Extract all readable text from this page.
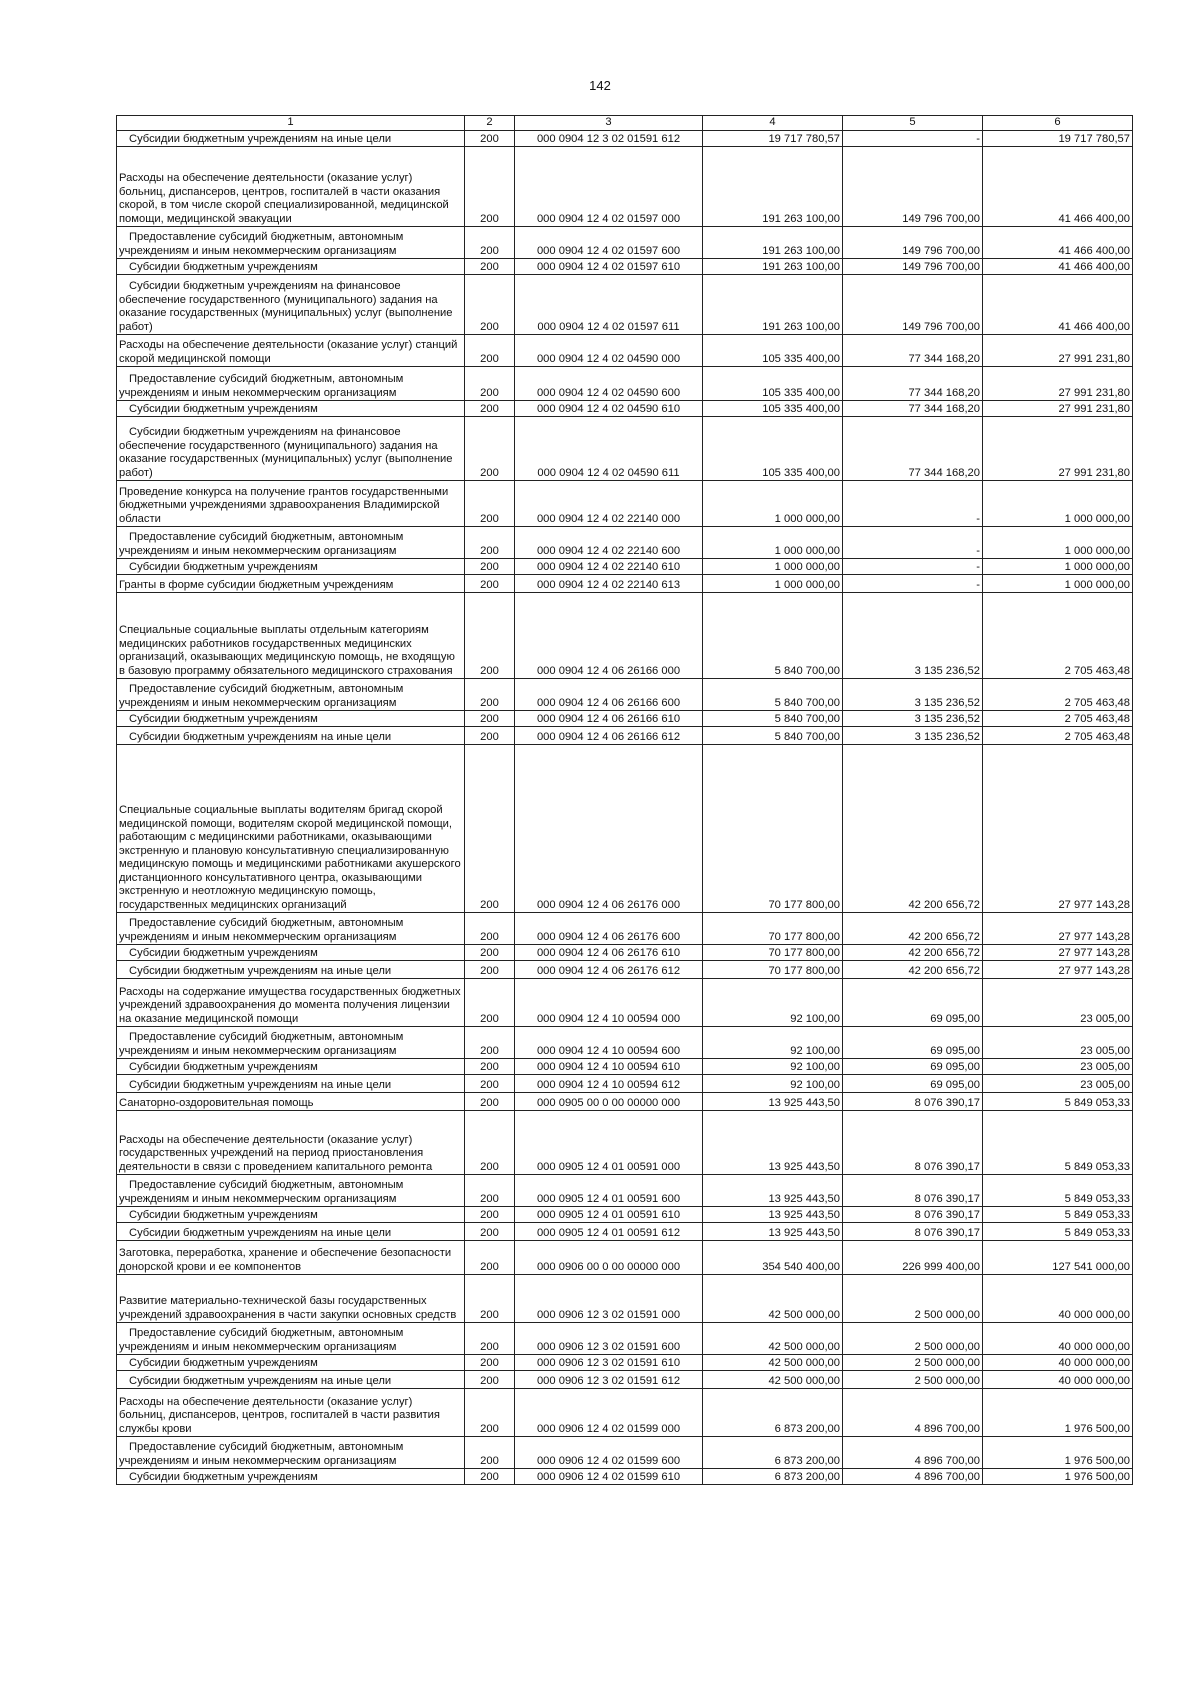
142
1	2	3	4	5	6
Субсидии бюджетным учреждениям на иные цели	200	000 0904 12 3 02 01591 612	19 717 780,57	-	19 717 780,57
Расходы на обеспечение деятельности (оказание услуг) больниц, диспансеров, центров, госпиталей в части оказания скорой, в том числе скорой специализированной, медицинской помощи, медицинской эвакуации	200	000 0904 12 4 02 01597 000	191 263 100,00	149 796 700,00	41 466 400,00
Предоставление субсидий бюджетным, автономным учреждениям и иным некоммерческим организациям	200	000 0904 12 4 02 01597 600	191 263 100,00	149 796 700,00	41 466 400,00
Субсидии бюджетным учреждениям	200	000 0904 12 4 02 01597 610	191 263 100,00	149 796 700,00	41 466 400,00
Субсидии бюджетным учреждениям на финансовое обеспечение государственного (муниципального) задания на оказание государственных (муниципальных) услуг (выполнение работ)	200	000 0904 12 4 02 01597 611	191 263 100,00	149 796 700,00	41 466 400,00
Расходы на обеспечение деятельности (оказание услуг) станций скорой медицинской помощи	200	000 0904 12 4 02 04590 000	105 335 400,00	77 344 168,20	27 991 231,80
Предоставление субсидий бюджетным, автономным учреждениям и иным некоммерческим организациям	200	000 0904 12 4 02 04590 600	105 335 400,00	77 344 168,20	27 991 231,80
Субсидии бюджетным учреждениям	200	000 0904 12 4 02 04590 610	105 335 400,00	77 344 168,20	27 991 231,80
Субсидии бюджетным учреждениям на финансовое обеспечение государственного (муниципального) задания на оказание государственных (муниципальных) услуг (выполнение работ)	200	000 0904 12 4 02 04590 611	105 335 400,00	77 344 168,20	27 991 231,80
Проведение конкурса на получение грантов государственными бюджетными учреждениями здравоохранения Владимирской области	200	000 0904 12 4 02 22140 000	1 000 000,00	-	1 000 000,00
Предоставление субсидий бюджетным, автономным учреждениям и иным некоммерческим организациям	200	000 0904 12 4 02 22140 600	1 000 000,00	-	1 000 000,00
Субсидии бюджетным учреждениям	200	000 0904 12 4 02 22140 610	1 000 000,00	-	1 000 000,00
Гранты в форме субсидии бюджетным учреждениям	200	000 0904 12 4 02 22140 613	1 000 000,00	-	1 000 000,00
Специальные социальные выплаты отдельным категориям медицинских работников государственных медицинских организаций, оказывающих медицинскую помощь, не входящую в базовую программу обязательного медицинского страхования	200	000 0904 12 4 06 26166 000	5 840 700,00	3 135 236,52	2 705 463,48
Предоставление субсидий бюджетным, автономным учреждениям и иным некоммерческим организациям	200	000 0904 12 4 06 26166 600	5 840 700,00	3 135 236,52	2 705 463,48
Субсидии бюджетным учреждениям	200	000 0904 12 4 06 26166 610	5 840 700,00	3 135 236,52	2 705 463,48
Субсидии бюджетным учреждениям на иные цели	200	000 0904 12 4 06 26166 612	5 840 700,00	3 135 236,52	2 705 463,48
Специальные социальные выплаты водителям бригад скорой медицинской помощи, водителям скорой медицинской помощи, работающим с медицинскими работниками, оказывающими экстренную и плановую консультативную специализированную медицинскую помощь и медицинскими работниками акушерского дистанционного консультативного центра, оказывающими экстренную и неотложную медицинскую помощь, государственных медицинских организаций	200	000 0904 12 4 06 26176 000	70 177 800,00	42 200 656,72	27 977 143,28
Предоставление субсидий бюджетным, автономным учреждениям и иным некоммерческим организациям	200	000 0904 12 4 06 26176 600	70 177 800,00	42 200 656,72	27 977 143,28
Субсидии бюджетным учреждениям	200	000 0904 12 4 06 26176 610	70 177 800,00	42 200 656,72	27 977 143,28
Субсидии бюджетным учреждениям на иные цели	200	000 0904 12 4 06 26176 612	70 177 800,00	42 200 656,72	27 977 143,28
Расходы на содержание имущества государственных бюджетных учреждений здравоохранения до момента получения лицензии на оказание медицинской помощи	200	000 0904 12 4 10 00594 000	92 100,00	69 095,00	23 005,00
Предоставление субсидий бюджетным, автономным учреждениям и иным некоммерческим организациям	200	000 0904 12 4 10 00594 600	92 100,00	69 095,00	23 005,00
Субсидии бюджетным учреждениям	200	000 0904 12 4 10 00594 610	92 100,00	69 095,00	23 005,00
Субсидии бюджетным учреждениям на иные цели	200	000 0904 12 4 10 00594 612	92 100,00	69 095,00	23 005,00
Санаторно-оздоровительная помощь	200	000 0905 00 0 00 00000 000	13 925 443,50	8 076 390,17	5 849 053,33
Расходы на обеспечение деятельности (оказание услуг) государственных учреждений на период приостановления деятельности в связи с проведением капитального ремонта	200	000 0905 12 4 01 00591 000	13 925 443,50	8 076 390,17	5 849 053,33
Предоставление субсидий бюджетным, автономным учреждениям и иным некоммерческим организациям	200	000 0905 12 4 01 00591 600	13 925 443,50	8 076 390,17	5 849 053,33
Субсидии бюджетным учреждениям	200	000 0905 12 4 01 00591 610	13 925 443,50	8 076 390,17	5 849 053,33
Субсидии бюджетным учреждениям на иные цели	200	000 0905 12 4 01 00591 612	13 925 443,50	8 076 390,17	5 849 053,33
Заготовка, переработка, хранение и обеспечение безопасности донорской крови и ее компонентов	200	000 0906 00 0 00 00000 000	354 540 400,00	226 999 400,00	127 541 000,00
Развитие материально-технической базы государственных учреждений здравоохранения в части закупки основных средств	200	000 0906 12 3 02 01591 000	42 500 000,00	2 500 000,00	40 000 000,00
Предоставление субсидий бюджетным, автономным учреждениям и иным некоммерческим организациям	200	000 0906 12 3 02 01591 600	42 500 000,00	2 500 000,00	40 000 000,00
Субсидии бюджетным учреждениям	200	000 0906 12 3 02 01591 610	42 500 000,00	2 500 000,00	40 000 000,00
Субсидии бюджетным учреждениям на иные цели	200	000 0906 12 3 02 01591 612	42 500 000,00	2 500 000,00	40 000 000,00
Расходы на обеспечение деятельности (оказание услуг) больниц, диспансеров, центров, госпиталей в части развития службы крови	200	000 0906 12 4 02 01599 000	6 873 200,00	4 896 700,00	1 976 500,00
Предоставление субсидий бюджетным, автономным учреждениям и иным некоммерческим организациям	200	000 0906 12 4 02 01599 600	6 873 200,00	4 896 700,00	1 976 500,00
Субсидии бюджетным учреждениям	200	000 0906 12 4 02 01599 610	6 873 200,00	4 896 700,00	1 976 500,00
